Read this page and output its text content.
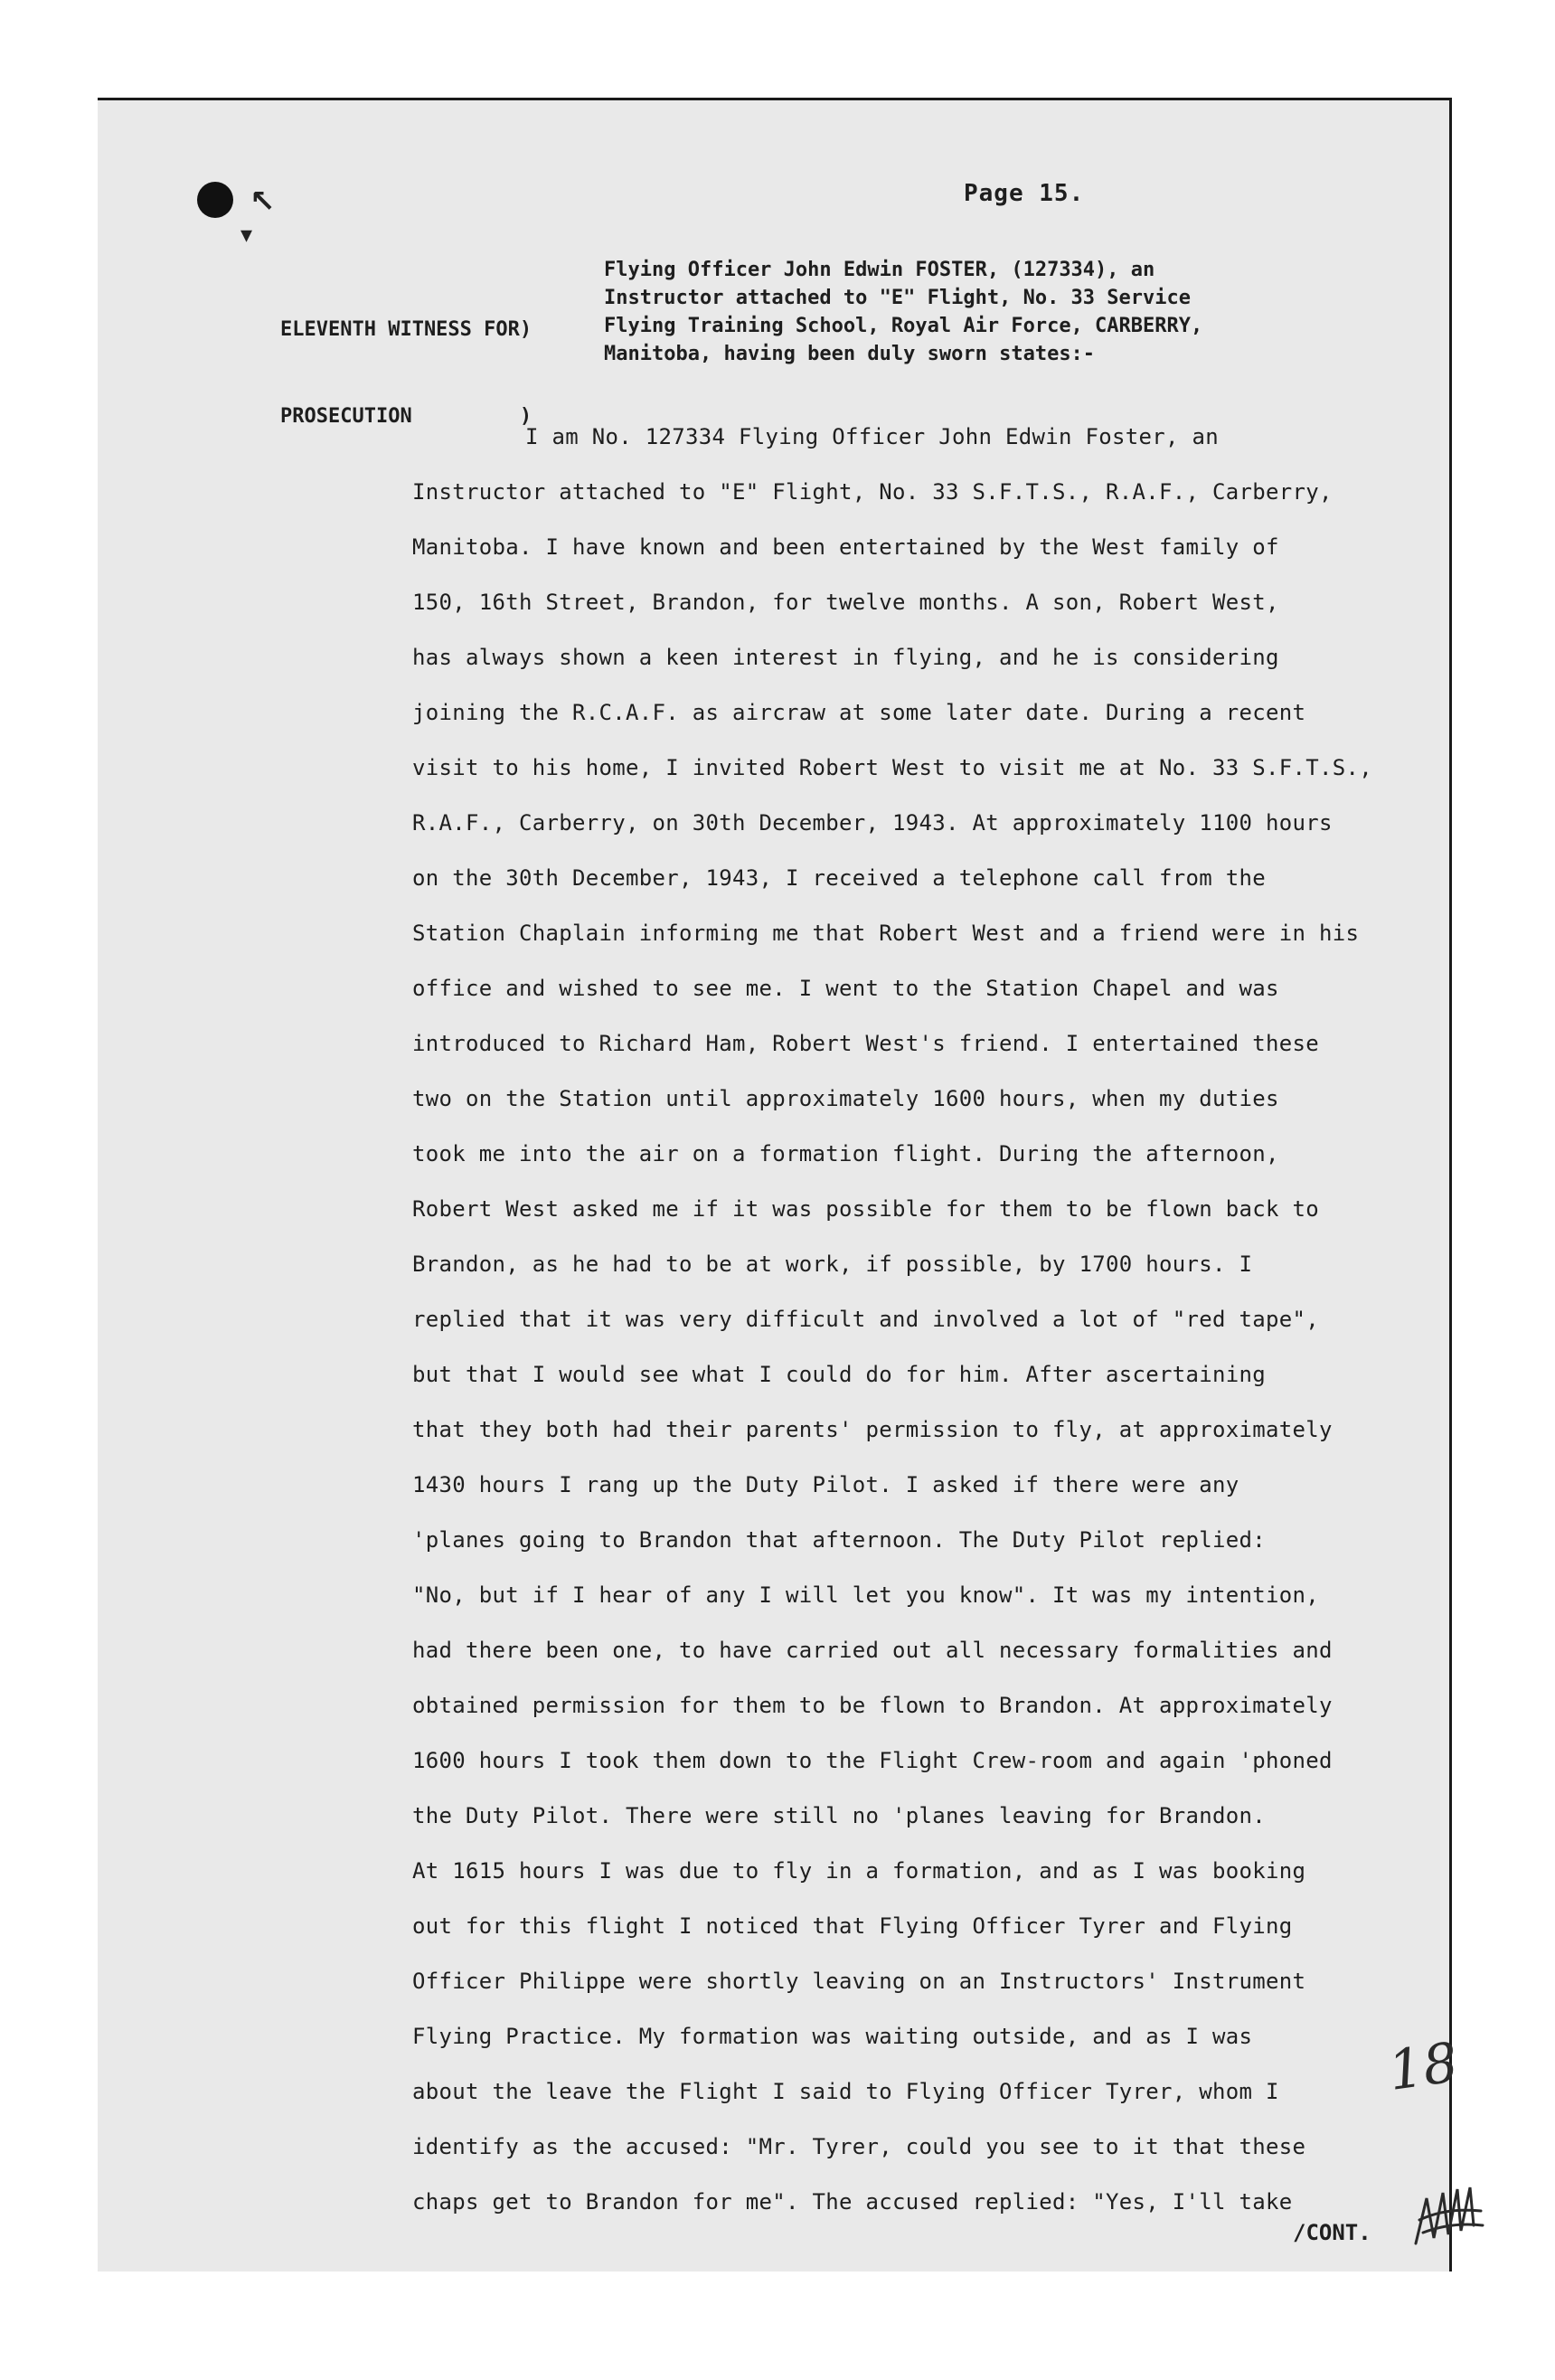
↖
▾
Page 15.

ELEVENTH WITNESS FOR)

PROSECUTION         )

Flying Officer John Edwin FOSTER, (127334), an
Instructor attached to "E" Flight, No. 33 Service
Flying Training School, Royal Air Force, CARBERRY,
Manitoba, having been duly sworn states:-
I am No. 127334 Flying Officer John Edwin Foster, an
Instructor attached to "E" Flight, No. 33 S.F.T.S., R.A.F., Carberry,
Manitoba. I have known and been entertained by the West family of
150, 16th Street, Brandon, for twelve months. A son, Robert West,
has always shown a keen interest in flying, and he is considering
joining the R.C.A.F. as aircraw at some later date. During a recent
visit to his home, I invited Robert West to visit me at No. 33 S.F.T.S.,
R.A.F., Carberry, on 30th December, 1943. At approximately 1100 hours
on the 30th December, 1943, I received a telephone call from the
Station Chaplain informing me that Robert West and a friend were in his
office and wished to see me. I went to the Station Chapel and was
introduced to Richard Ham, Robert West's friend. I entertained these
two on the Station until approximately 1600 hours, when my duties
took me into the air on a formation flight. During the afternoon,
Robert West asked me if it was possible for them to be flown back to
Brandon, as he had to be at work, if possible, by 1700 hours. I
replied that it was very difficult and involved a lot of "red tape",
but that I would see what I could do for him. After ascertaining
that they both had their parents' permission to fly, at approximately
1430 hours I rang up the Duty Pilot. I asked if there were any
'planes going to Brandon that afternoon. The Duty Pilot replied:
"No, but if I hear of any I will let you know". It was my intention,
had there been one, to have carried out all necessary formalities and
obtained permission for them to be flown to Brandon. At approximately
1600 hours I took them down to the Flight Crew-room and again 'phoned
the Duty Pilot. There were still no 'planes leaving for Brandon.
At 1615 hours I was due to fly in a formation, and as I was booking
out for this flight I noticed that Flying Officer Tyrer and Flying
Officer Philippe were shortly leaving on an Instructors' Instrument
Flying Practice. My formation was waiting outside, and as I was
about the leave the Flight I said to Flying Officer Tyrer, whom I
identify as the accused: "Mr. Tyrer, could you see to it that these
chaps get to Brandon for me". The accused replied: "Yes, I'll take
18
/CONT.
